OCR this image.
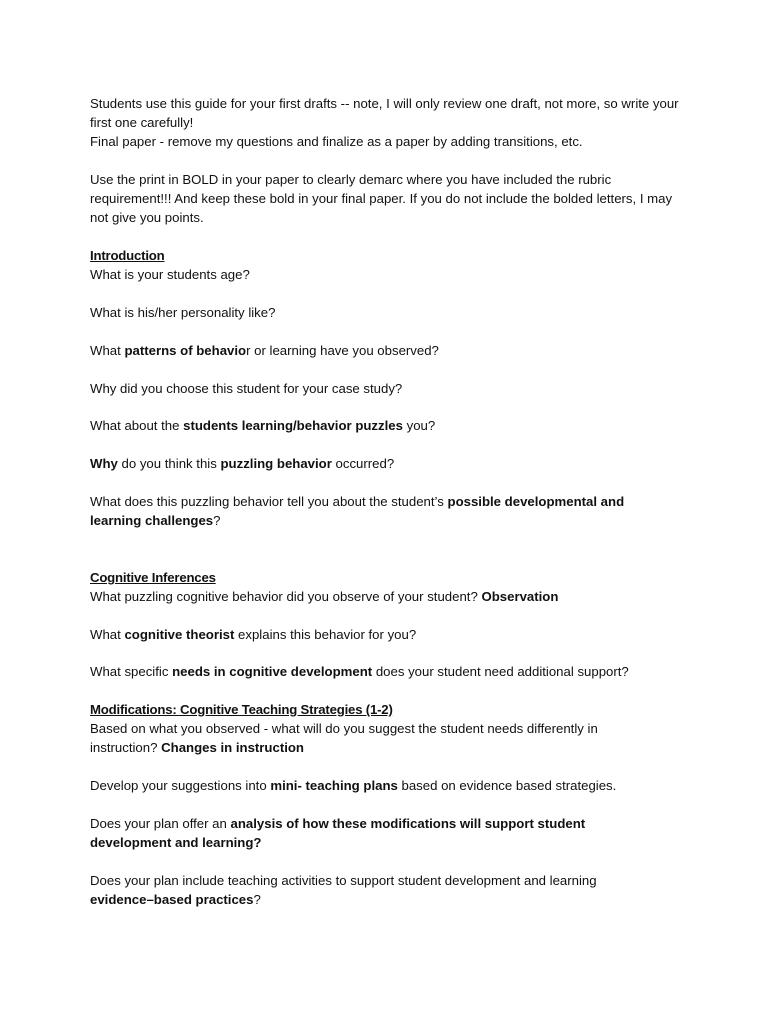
Students use this guide for your first drafts -- note, I will only review one draft, not more, so write your first one carefully!
Final paper - remove my questions and finalize as a paper by adding transitions, etc.

Use the print in BOLD in your paper to clearly demarc where you have included the rubric requirement!!! And keep these bold in your final paper. If you do not include the bolded letters, I may not give you points.

Introduction

What is your students age?

What is his/her personality like?

What patterns of behavior or learning have you observed?

Why did you choose this student for your case study?

What about the students learning/behavior puzzles you?

Why do you think this puzzling behavior occurred?

What does this puzzling behavior tell you about the student’s possible developmental and learning challenges?

Cognitive Inferences

What puzzling cognitive behavior did you observe of your student? Observation

What cognitive theorist explains this behavior for you?

What specific needs in cognitive development does your student need additional support?

Modifications: Cognitive Teaching Strategies (1-2)

Based on what you observed - what will do you suggest the student needs differently in instruction? Changes in instruction

Develop your suggestions into mini- teaching plans based on evidence based strategies.

Does your plan offer an analysis of how these modifications will support student development and learning?

Does your plan include teaching activities to support student development and learning evidence–based practices?
